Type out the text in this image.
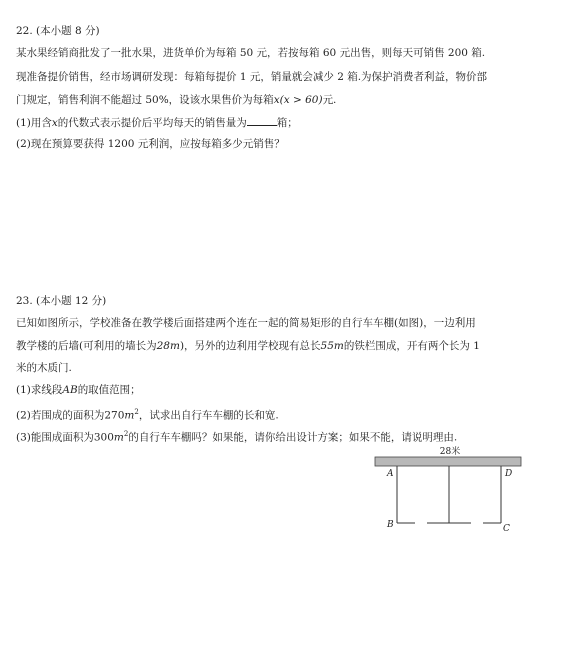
22. (本小题 8 分)
某水果经销商批发了一批水果，进货单价为每箱 50 元，若按每箱 60 元出售，则每天可销售 200 箱.
现准备提价销售，经市场调研发现：每箱每提价 1 元，销量就会减少 2 箱.为保护消费者利益，物价部
门规定，销售利润不能超过 50%，设该水果售价为每箱x(x > 60)元.
(1)用含x的代数式表示提价后平均每天的销售量为	箱；
(2)现在预算要获得 1200 元利润，应按每箱多少元销售？
23. (本小题 12 分)
已知如图所示，学校准备在教学楼后面搭建两个连在一起的简易矩形的自行车车棚(如图)，一边利用
教学楼的后墙(可利用的墙长为28m)，另外的边利用学校现有总长55m的铁栏围成，开有两个长为 1
米的木质门.
(1)求线段AB的取值范围；
(2)若围成的面积为$270m^2$，试求出自行车车棚的长和宽.
(3)能围成面积为$300m^2$的自行车车棚吗？如果能，请你给出设计方案；如果不能，请说明理由.
28米
A
B	C
D
